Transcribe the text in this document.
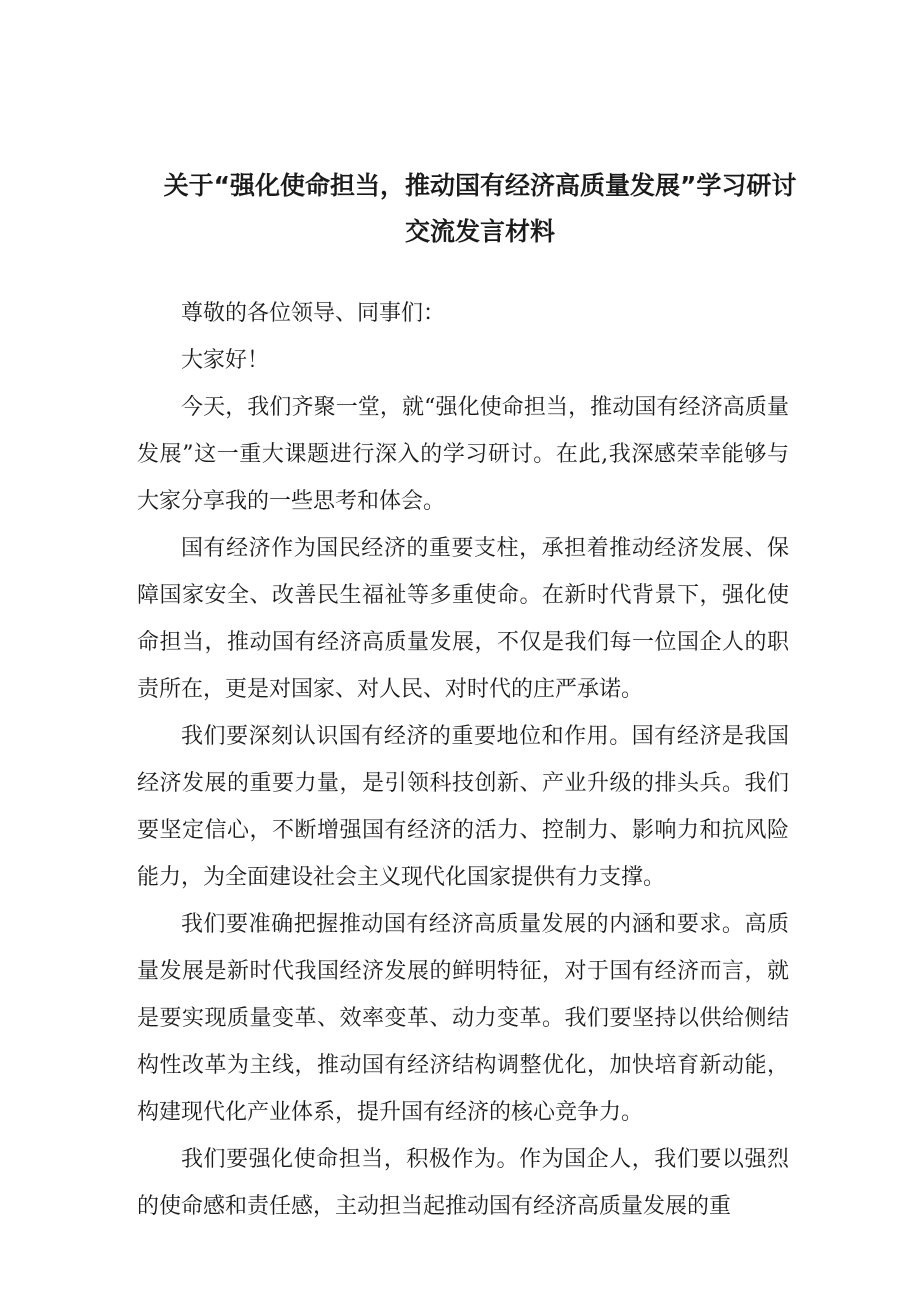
关于“强化使命担当，推动国有经济高质量发展”学习研讨
交流发言材料

尊敬的各位领导、同事们：

大家好！

今天，我们齐聚一堂，就“强化使命担当，推动国有经济高质量发展”这一重大课题进行深入的学习研讨。在此,我深感荣幸能够与大家分享我的一些思考和体会。

国有经济作为国民经济的重要支柱，承担着推动经济发展、保障国家安全、改善民生福祉等多重使命。在新时代背景下，强化使命担当，推动国有经济高质量发展，不仅是我们每一位国企人的职责所在，更是对国家、对人民、对时代的庄严承诺。

我们要深刻认识国有经济的重要地位和作用。国有经济是我国经济发展的重要力量，是引领科技创新、产业升级的排头兵。我们要坚定信心，不断增强国有经济的活力、控制力、影响力和抗风险能力，为全面建设社会主义现代化国家提供有力支撑。

我们要准确把握推动国有经济高质量发展的内涵和要求。高质量发展是新时代我国经济发展的鲜明特征，对于国有经济而言，就是要实现质量变革、效率变革、动力变革。我们要坚持以供给侧结构性改革为主线，推动国有经济结构调整优化，加快培育新动能，构建现代化产业体系，提升国有经济的核心竞争力。

我们要强化使命担当，积极作为。作为国企人，我们要以强烈的使命感和责任感，主动担当起推动国有经济高质量发展的重
